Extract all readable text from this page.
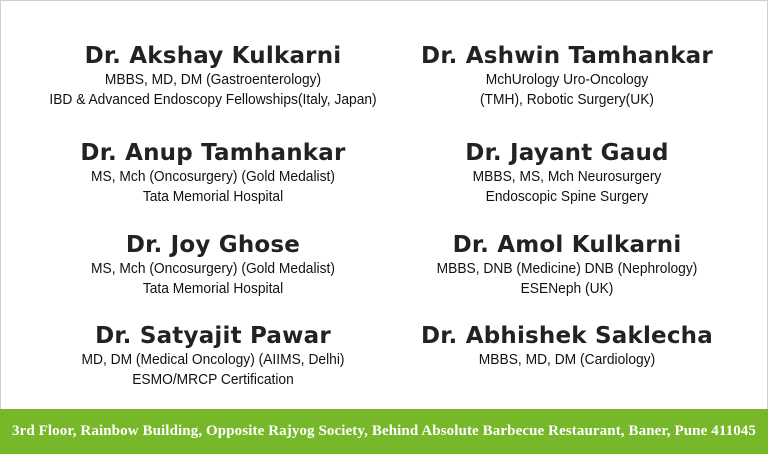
Dr. Akshay Kulkarni
MBBS, MD, DM (Gastroenterology)
IBD & Advanced Endoscopy Fellowships(Italy, Japan)
Dr. Ashwin Tamhankar
MchUrology Uro-Oncology
(TMH), Robotic Surgery(UK)
Dr. Anup Tamhankar
MS, Mch (Oncosurgery) (Gold Medalist)
Tata Memorial Hospital
Dr. Jayant Gaud
MBBS, MS, Mch Neurosurgery
Endoscopic Spine Surgery
Dr. Joy Ghose
MS, Mch (Oncosurgery) (Gold Medalist)
Tata Memorial Hospital
Dr. Amol Kulkarni
MBBS, DNB (Medicine) DNB (Nephrology)
ESENeph (UK)
Dr. Satyajit Pawar
MD, DM (Medical Oncology) (AIIMS, Delhi)
ESMO/MRCP Certification
Dr. Abhishek Saklecha
MBBS, MD, DM (Cardiology)
3rd Floor, Rainbow Building, Opposite Rajyog Society, Behind Absolute Barbecue Restaurant, Baner, Pune 411045
